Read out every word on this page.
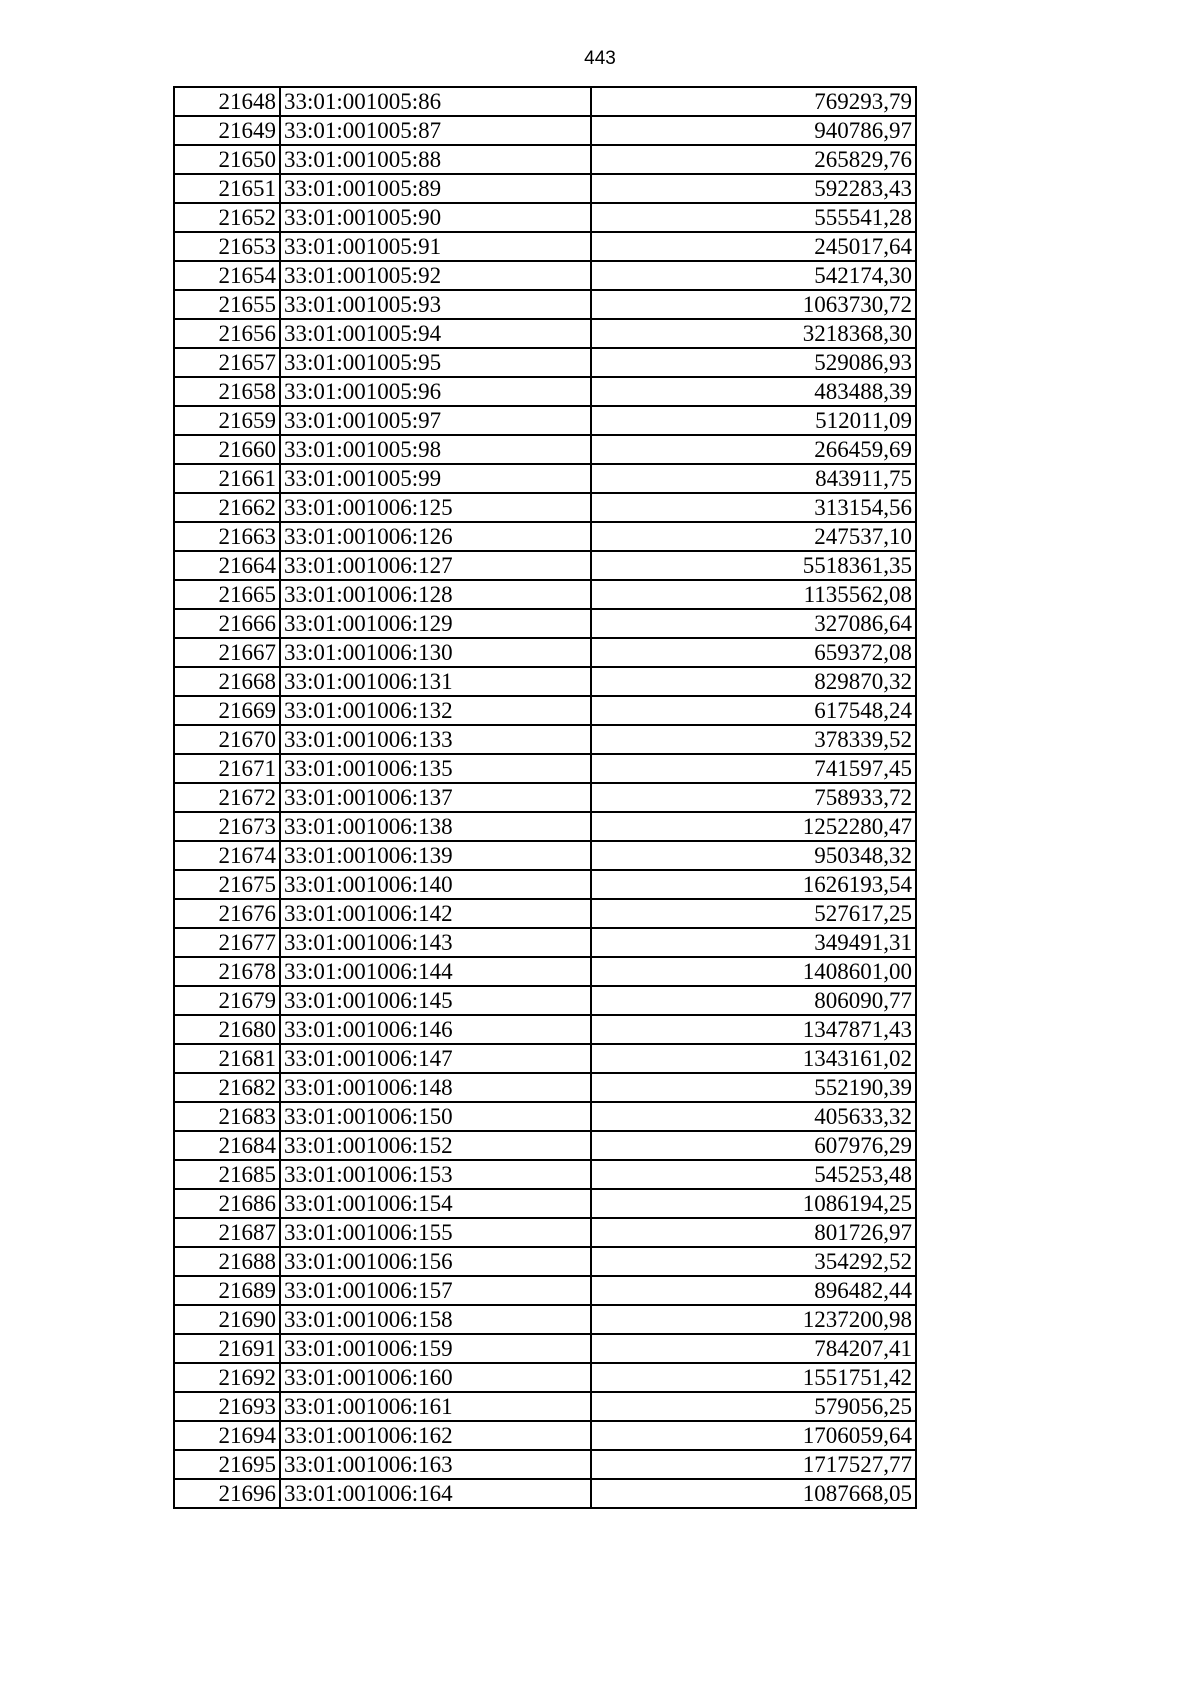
443
21648	33:01:001005:86	769293,79
21649	33:01:001005:87	940786,97
21650	33:01:001005:88	265829,76
21651	33:01:001005:89	592283,43
21652	33:01:001005:90	555541,28
21653	33:01:001005:91	245017,64
21654	33:01:001005:92	542174,30
21655	33:01:001005:93	1063730,72
21656	33:01:001005:94	3218368,30
21657	33:01:001005:95	529086,93
21658	33:01:001005:96	483488,39
21659	33:01:001005:97	512011,09
21660	33:01:001005:98	266459,69
21661	33:01:001005:99	843911,75
21662	33:01:001006:125	313154,56
21663	33:01:001006:126	247537,10
21664	33:01:001006:127	5518361,35
21665	33:01:001006:128	1135562,08
21666	33:01:001006:129	327086,64
21667	33:01:001006:130	659372,08
21668	33:01:001006:131	829870,32
21669	33:01:001006:132	617548,24
21670	33:01:001006:133	378339,52
21671	33:01:001006:135	741597,45
21672	33:01:001006:137	758933,72
21673	33:01:001006:138	1252280,47
21674	33:01:001006:139	950348,32
21675	33:01:001006:140	1626193,54
21676	33:01:001006:142	527617,25
21677	33:01:001006:143	349491,31
21678	33:01:001006:144	1408601,00
21679	33:01:001006:145	806090,77
21680	33:01:001006:146	1347871,43
21681	33:01:001006:147	1343161,02
21682	33:01:001006:148	552190,39
21683	33:01:001006:150	405633,32
21684	33:01:001006:152	607976,29
21685	33:01:001006:153	545253,48
21686	33:01:001006:154	1086194,25
21687	33:01:001006:155	801726,97
21688	33:01:001006:156	354292,52
21689	33:01:001006:157	896482,44
21690	33:01:001006:158	1237200,98
21691	33:01:001006:159	784207,41
21692	33:01:001006:160	1551751,42
21693	33:01:001006:161	579056,25
21694	33:01:001006:162	1706059,64
21695	33:01:001006:163	1717527,77
21696	33:01:001006:164	1087668,05
